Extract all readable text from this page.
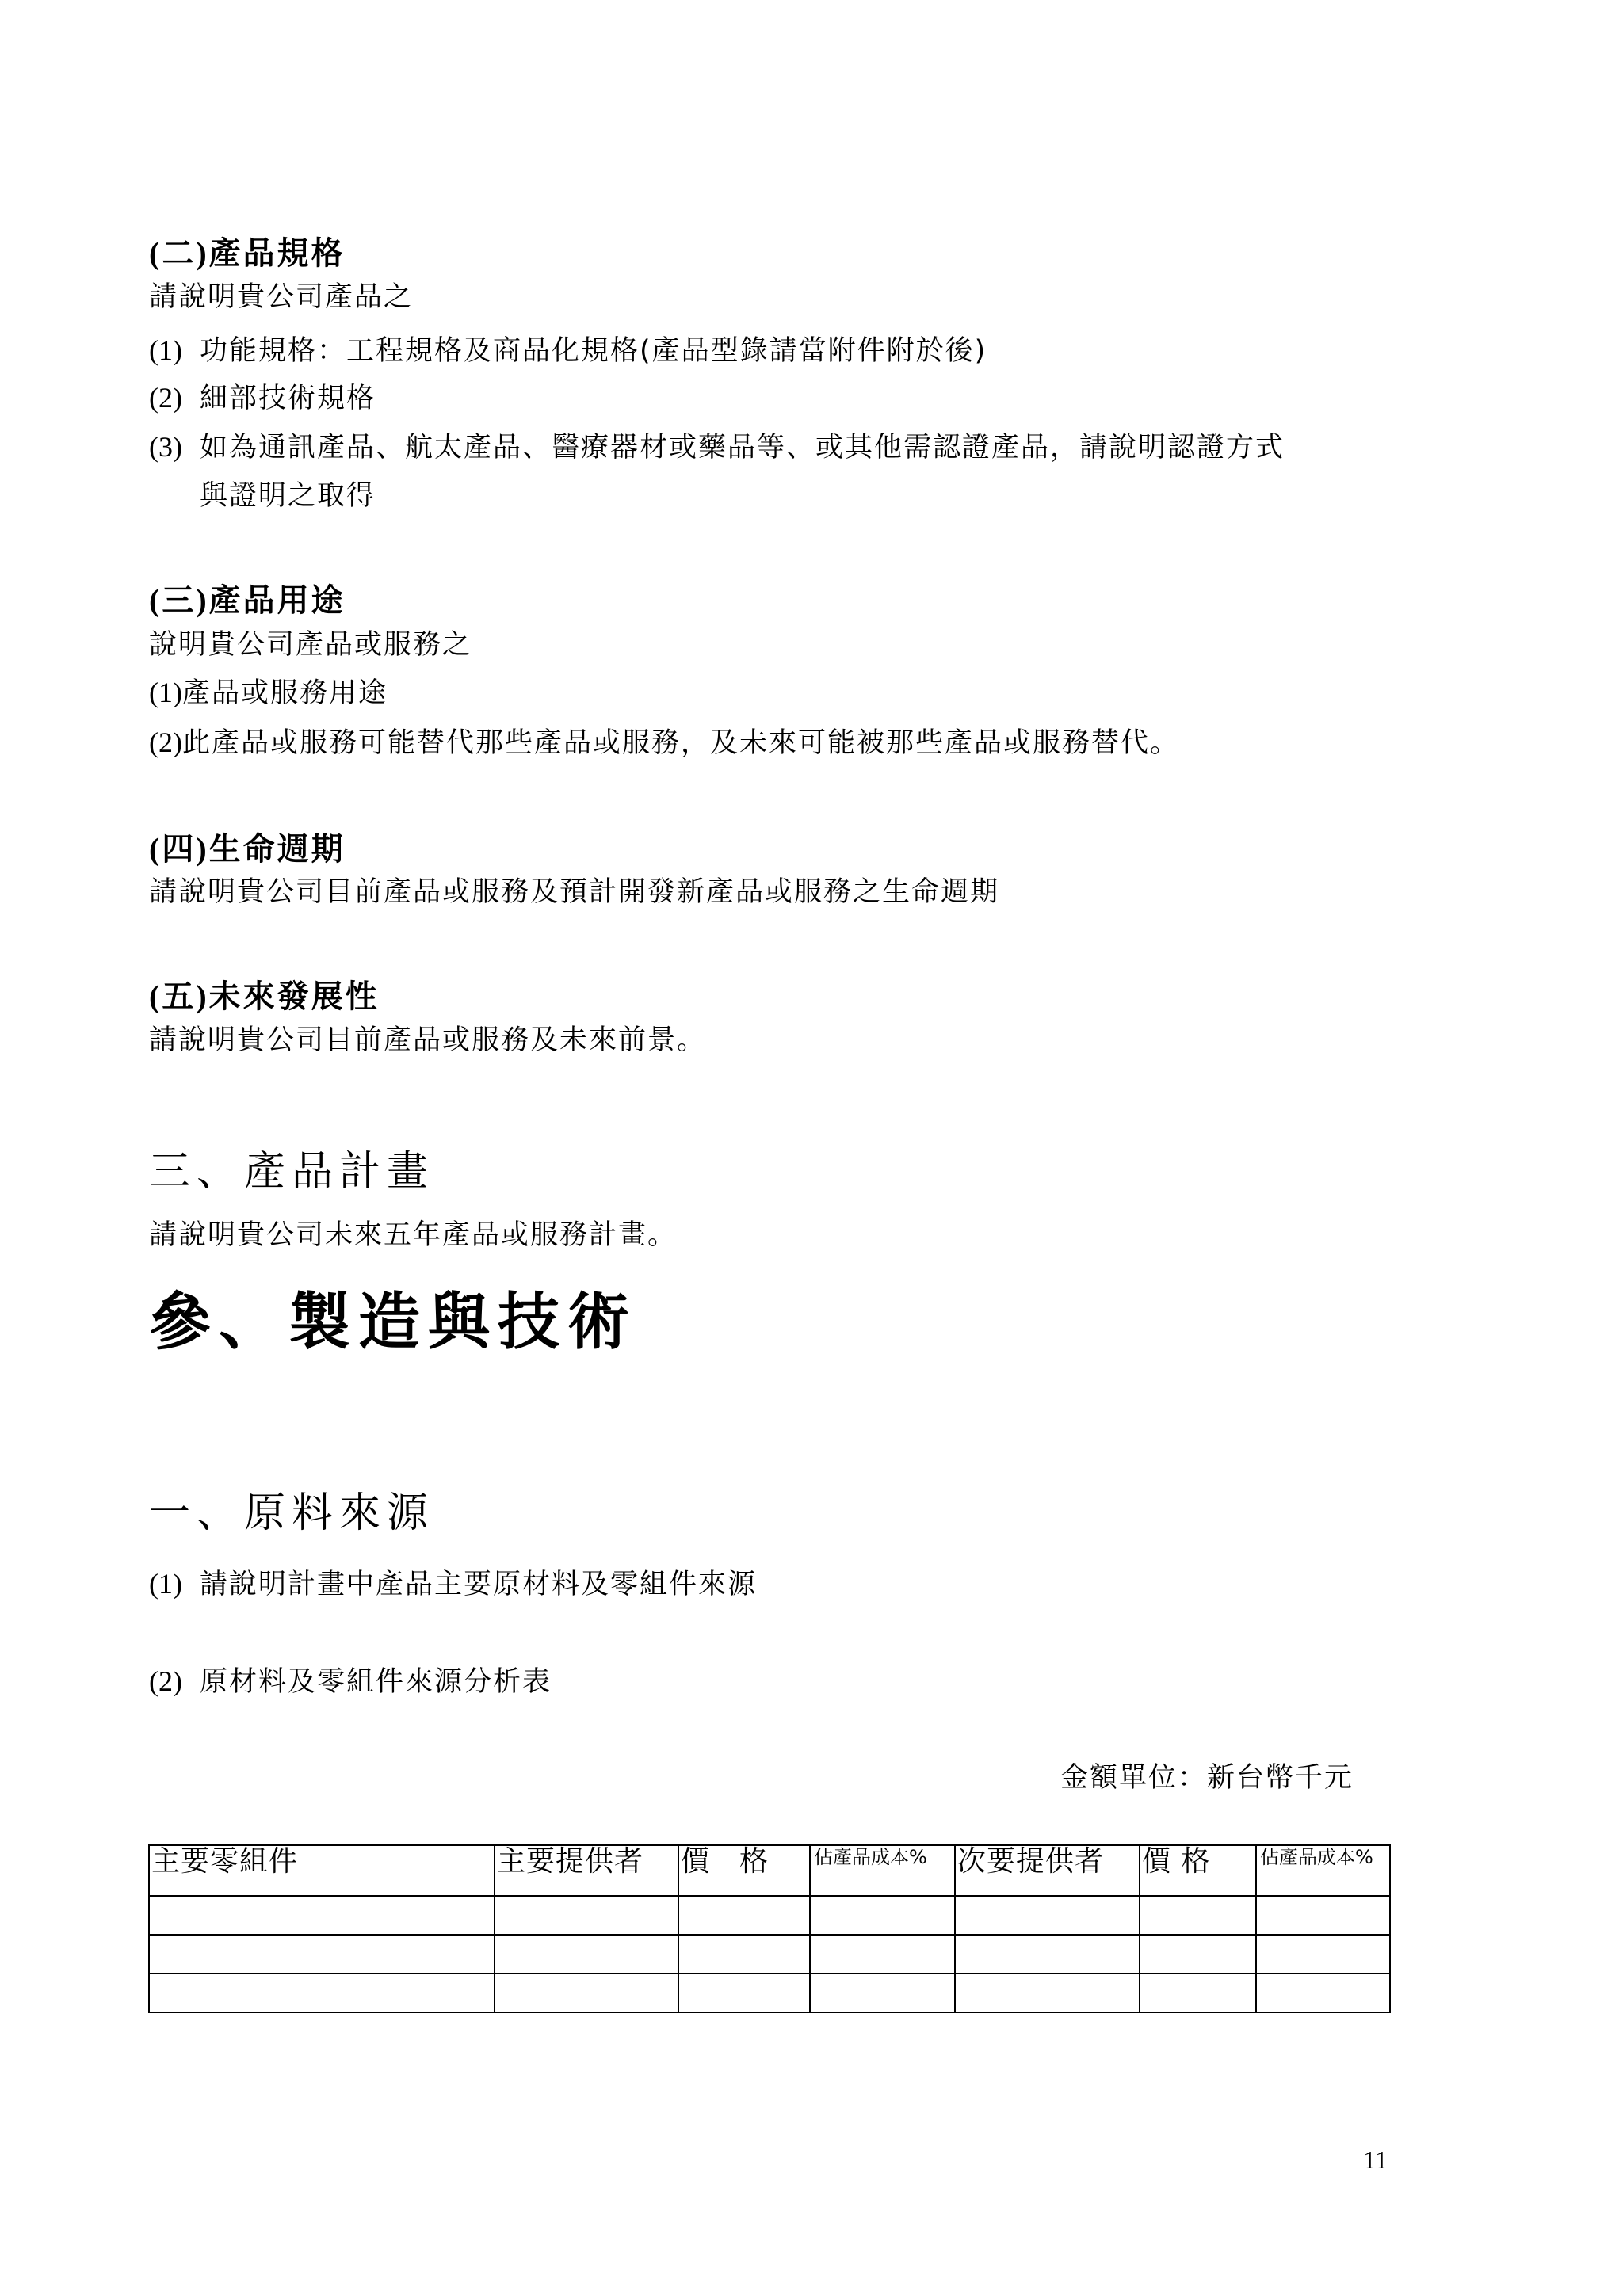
(二)產品規格
請說明貴公司產品之
(1) 功能規格：工程規格及商品化規格(產品型錄請當附件附於後)
(2) 細部技術規格
(3) 如為通訊產品、航太產品、醫療器材或藥品等、或其他需認證產品，請說明認證方式
與證明之取得
(三)產品用途
說明貴公司產品或服務之
(1)產品或服務用途
(2)此產品或服務可能替代那些產品或服務，及未來可能被那些產品或服務替代。
(四)生命週期
請說明貴公司目前產品或服務及預計開發新產品或服務之生命週期
(五)未來發展性
請說明貴公司目前產品或服務及未來前景。
三、產品計畫
請說明貴公司未來五年產品或服務計畫。
參、製造與技術
一、原料來源
(1) 請說明計畫中產品主要原材料及零組件來源
(2) 原材料及零組件來源分析表
金額單位：新台幣千元
主要零組件	主要提供者	價　格	佔產品成本%	次要提供者	價 格	佔產品成本%

11
